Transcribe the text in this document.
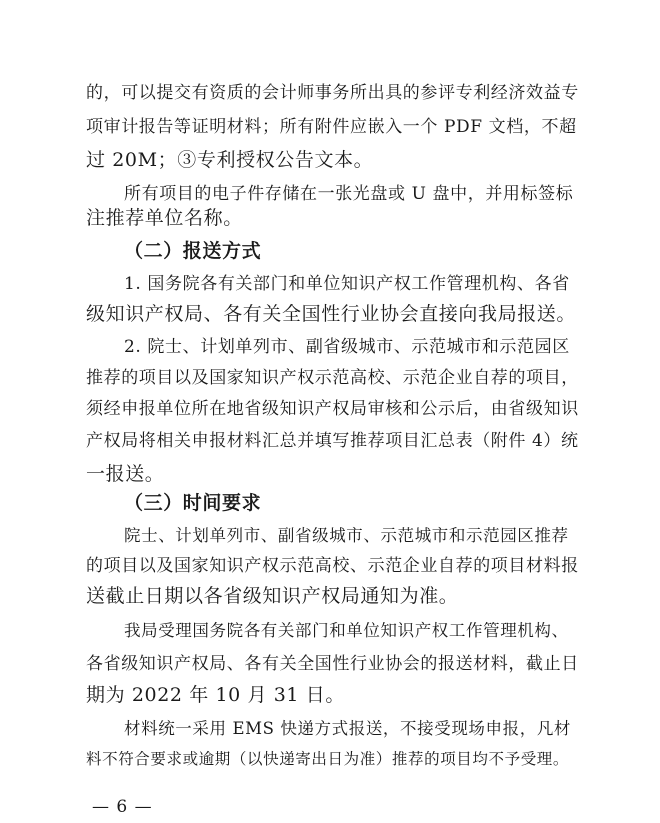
的，可以提交有资质的会计师事务所出具的参评专利经济效益专
项审计报告等证明材料；所有附件应嵌入一个 PDF 文档，不超
过 20M；③专利授权公告文本。
所有项目的电子件存储在一张光盘或 U 盘中，并用标签标
注推荐单位名称。
（二）报送方式
1. 国务院各有关部门和单位知识产权工作管理机构、各省
级知识产权局、各有关全国性行业协会直接向我局报送。
2. 院士、计划单列市、副省级城市、示范城市和示范园区
推荐的项目以及国家知识产权示范高校、示范企业自荐的项目，
须经申报单位所在地省级知识产权局审核和公示后，由省级知识
产权局将相关申报材料汇总并填写推荐项目汇总表（附件 4）统
一报送。
（三）时间要求
院士、计划单列市、副省级城市、示范城市和示范园区推荐
的项目以及国家知识产权示范高校、示范企业自荐的项目材料报
送截止日期以各省级知识产权局通知为准。
我局受理国务院各有关部门和单位知识产权工作管理机构、
各省级知识产权局、各有关全国性行业协会的报送材料，截止日
期为 2022 年 10 月 31 日。
材料统一采用 EMS 快递方式报送，不接受现场申报，凡材
料不符合要求或逾期（以快递寄出日为准）推荐的项目均不予受理。
— 6 —
